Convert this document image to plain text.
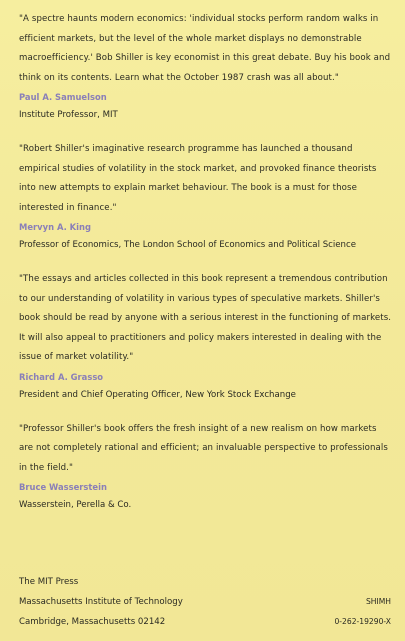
"A spectre haunts modern economics: 'individual stocks perform random walks in efficient markets, but the level of the whole market displays no demonstrable macroefficiency.' Bob Shiller is key economist in this great debate. Buy his book and think on its contents. Learn what the October 1987 crash was all about."

Paul A. Samuelson

Institute Professor, MIT

"Robert Shiller's imaginative research programme has launched a thousand empirical studies of volatility in the stock market, and provoked finance theorists into new attempts to explain market behaviour. The book is a must for those interested in finance."

Mervyn A. King

Professor of Economics, The London School of Economics and Political Science

"The essays and articles collected in this book represent a tremendous contribution to our understanding of volatility in various types of speculative markets. Shiller's book should be read by anyone with a serious interest in the functioning of markets. It will also appeal to practitioners and policy makers interested in dealing with the issue of market volatility."

Richard A. Grasso

President and Chief Operating Officer, New York Stock Exchange

"Professor Shiller's book offers the fresh insight of a new realism on how markets are not completely rational and efficient; an invaluable perspective to professionals in the field."

Bruce Wasserstein

Wasserstein, Perella & Co.

The MIT Press
Massachusetts Institute of Technology	SHIMH
Cambridge, Massachusetts 02142	0-262-19290-X
